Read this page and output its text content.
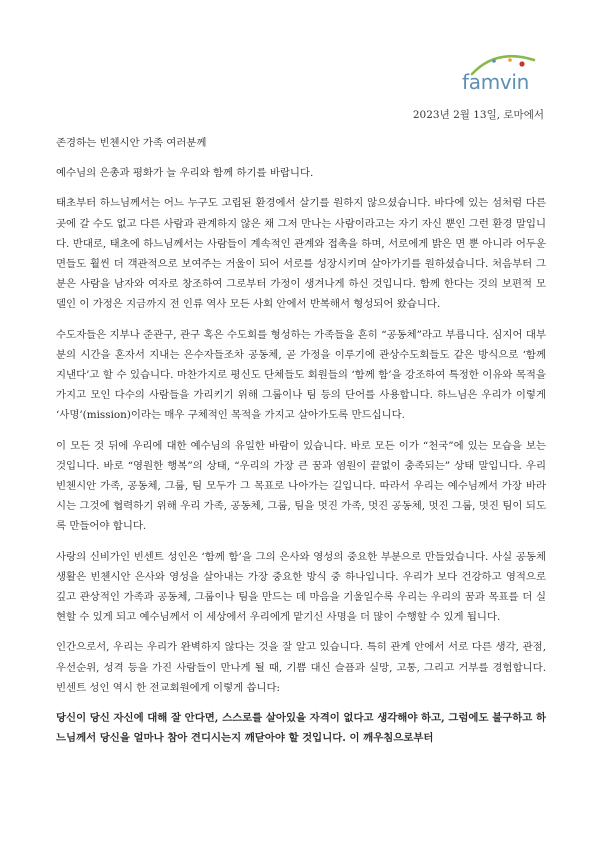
famvin
2023년 2월 13일, 로마에서

존경하는 빈첸시안 가족 여러분께

예수님의 은총과 평화가 늘 우리와 함께 하기를 바랍니다.

태초부터 하느님께서는 어느 누구도 고립된 환경에서 살기를 원하지 않으셨습니다. 바다에 있는 섬처럼 다른 곳에 갈 수도 없고 다른 사람과 관계하지 않은 채 그저 만나는 사람이라고는 자기 자신 뿐인 그런 환경 말입니다. 반대로, 태초에 하느님께서는 사람들이 계속적인 관계와 접촉을 하며, 서로에게 밝은 면 뿐 아니라 어두운 면들도 훨씬 더 객관적으로 보여주는 거울이 되어 서로를 성장시키며 살아가기를 원하셨습니다. 처음부터 그분은 사람을 남자와 여자로 창조하여 그로부터 가정이 생겨나게 하신 것입니다. 함께 한다는 것의 보편적 모델인 이 가정은 지금까지 전 인류 역사 모든 사회 안에서 반복해서 형성되어 왔습니다.

수도자들은 지부나 준관구, 관구 혹은 수도회를 형성하는 가족들을 흔히 “공동체”라고 부릅니다. 심지어 대부분의 시간을 혼자서 지내는 은수자들조차 공동체, 곧 가정을 이루기에 관상수도회들도 같은 방식으로 ‘함께 지낸다’고 할 수 있습니다. 마찬가지로 평신도 단체들도 회원들의 ‘함께 함’을 강조하여 특정한 이유와 목적을 가지고 모인 다수의 사람들을 가리키기 위해 그룹이나 팀 등의 단어를 사용합니다. 하느님은 우리가 이렇게 ‘사명’(mission)이라는 매우 구체적인 목적을 가지고 살아가도록 만드십니다.

이 모든 것 뒤에 우리에 대한 예수님의 유일한 바람이 있습니다. 바로 모든 이가 “천국”에 있는 모습을 보는 것입니다. 바로 “영원한 행복”의 상태, “우리의 가장 큰 꿈과 염원이 끝없이 충족되는” 상태 말입니다. 우리 빈첸시안 가족, 공동체, 그룹, 팀 모두가 그 목표로 나아가는 길입니다. 따라서 우리는 예수님께서 가장 바라시는 그것에 협력하기 위해 우리 가족, 공동체, 그룹, 팀을 멋진 가족, 멋진 공동체, 멋진 그룹, 멋진 팀이 되도록 만들어야 합니다.

사랑의 신비가인 빈센트 성인은 ‘함께 함’을 그의 은사와 영성의 중요한 부분으로 만들었습니다. 사실 공동체 생활은 빈첸시안 은사와 영성을 살아내는 가장 중요한 방식 중 하나입니다. 우리가 보다 건강하고 영적으로 깊고 관상적인 가족과 공동체, 그룹이나 팀을 만드는 데 마음을 기울일수록 우리는 우리의 꿈과 목표를 더 실현할 수 있게 되고 예수님께서 이 세상에서 우리에게 맡기신 사명을 더 많이 수행할 수 있게 됩니다.

인간으로서, 우리는 우리가 완벽하지 않다는 것을 잘 알고 있습니다. 특히 관계 안에서 서로 다른 생각, 관점, 우선순위, 성격 등을 가진 사람들이 만나게 될 때, 기쁨 대신 슬픔과 실망, 고통, 그리고 거부를 경험합니다. 빈센트 성인 역시 한 전교회원에게 이렇게 씁니다:

당신이 당신 자신에 대해 잘 안다면, 스스로를 살아있을 자격이 없다고 생각해야 하고, 그럼에도 불구하고 하느님께서 당신을 얼마나 참아 견디시는지 깨닫아야 할 것입니다. 이 깨우침으로부터
